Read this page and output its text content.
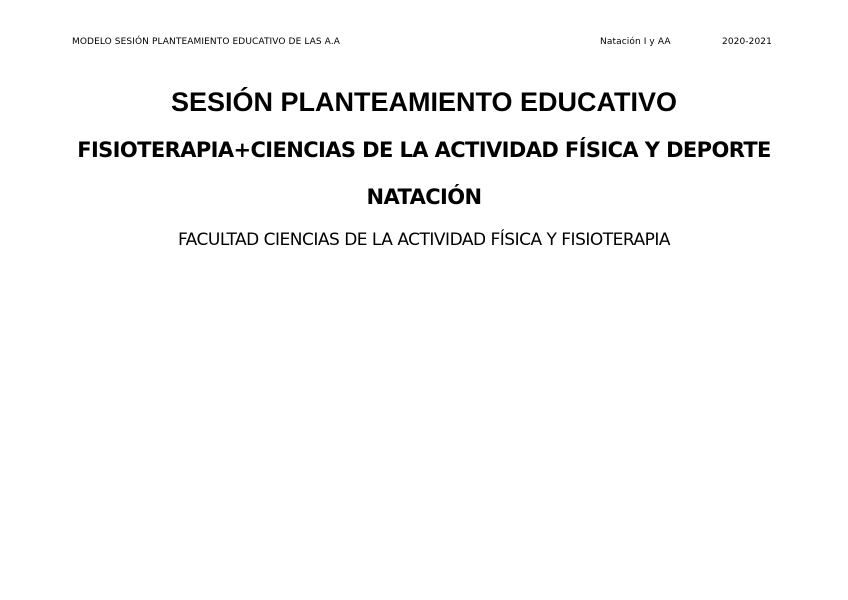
MODELO SESIÓN PLANTEAMIENTO EDUCATIVO DE LAS A.A	Natación I y AA	2020-2021
SESIÓN PLANTEAMIENTO EDUCATIVO
FISIOTERAPIA+CIENCIAS DE LA ACTIVIDAD FÍSICA Y DEPORTE
NATACIÓN
FACULTAD CIENCIAS DE LA ACTIVIDAD FÍSICA Y FISIOTERAPIA
